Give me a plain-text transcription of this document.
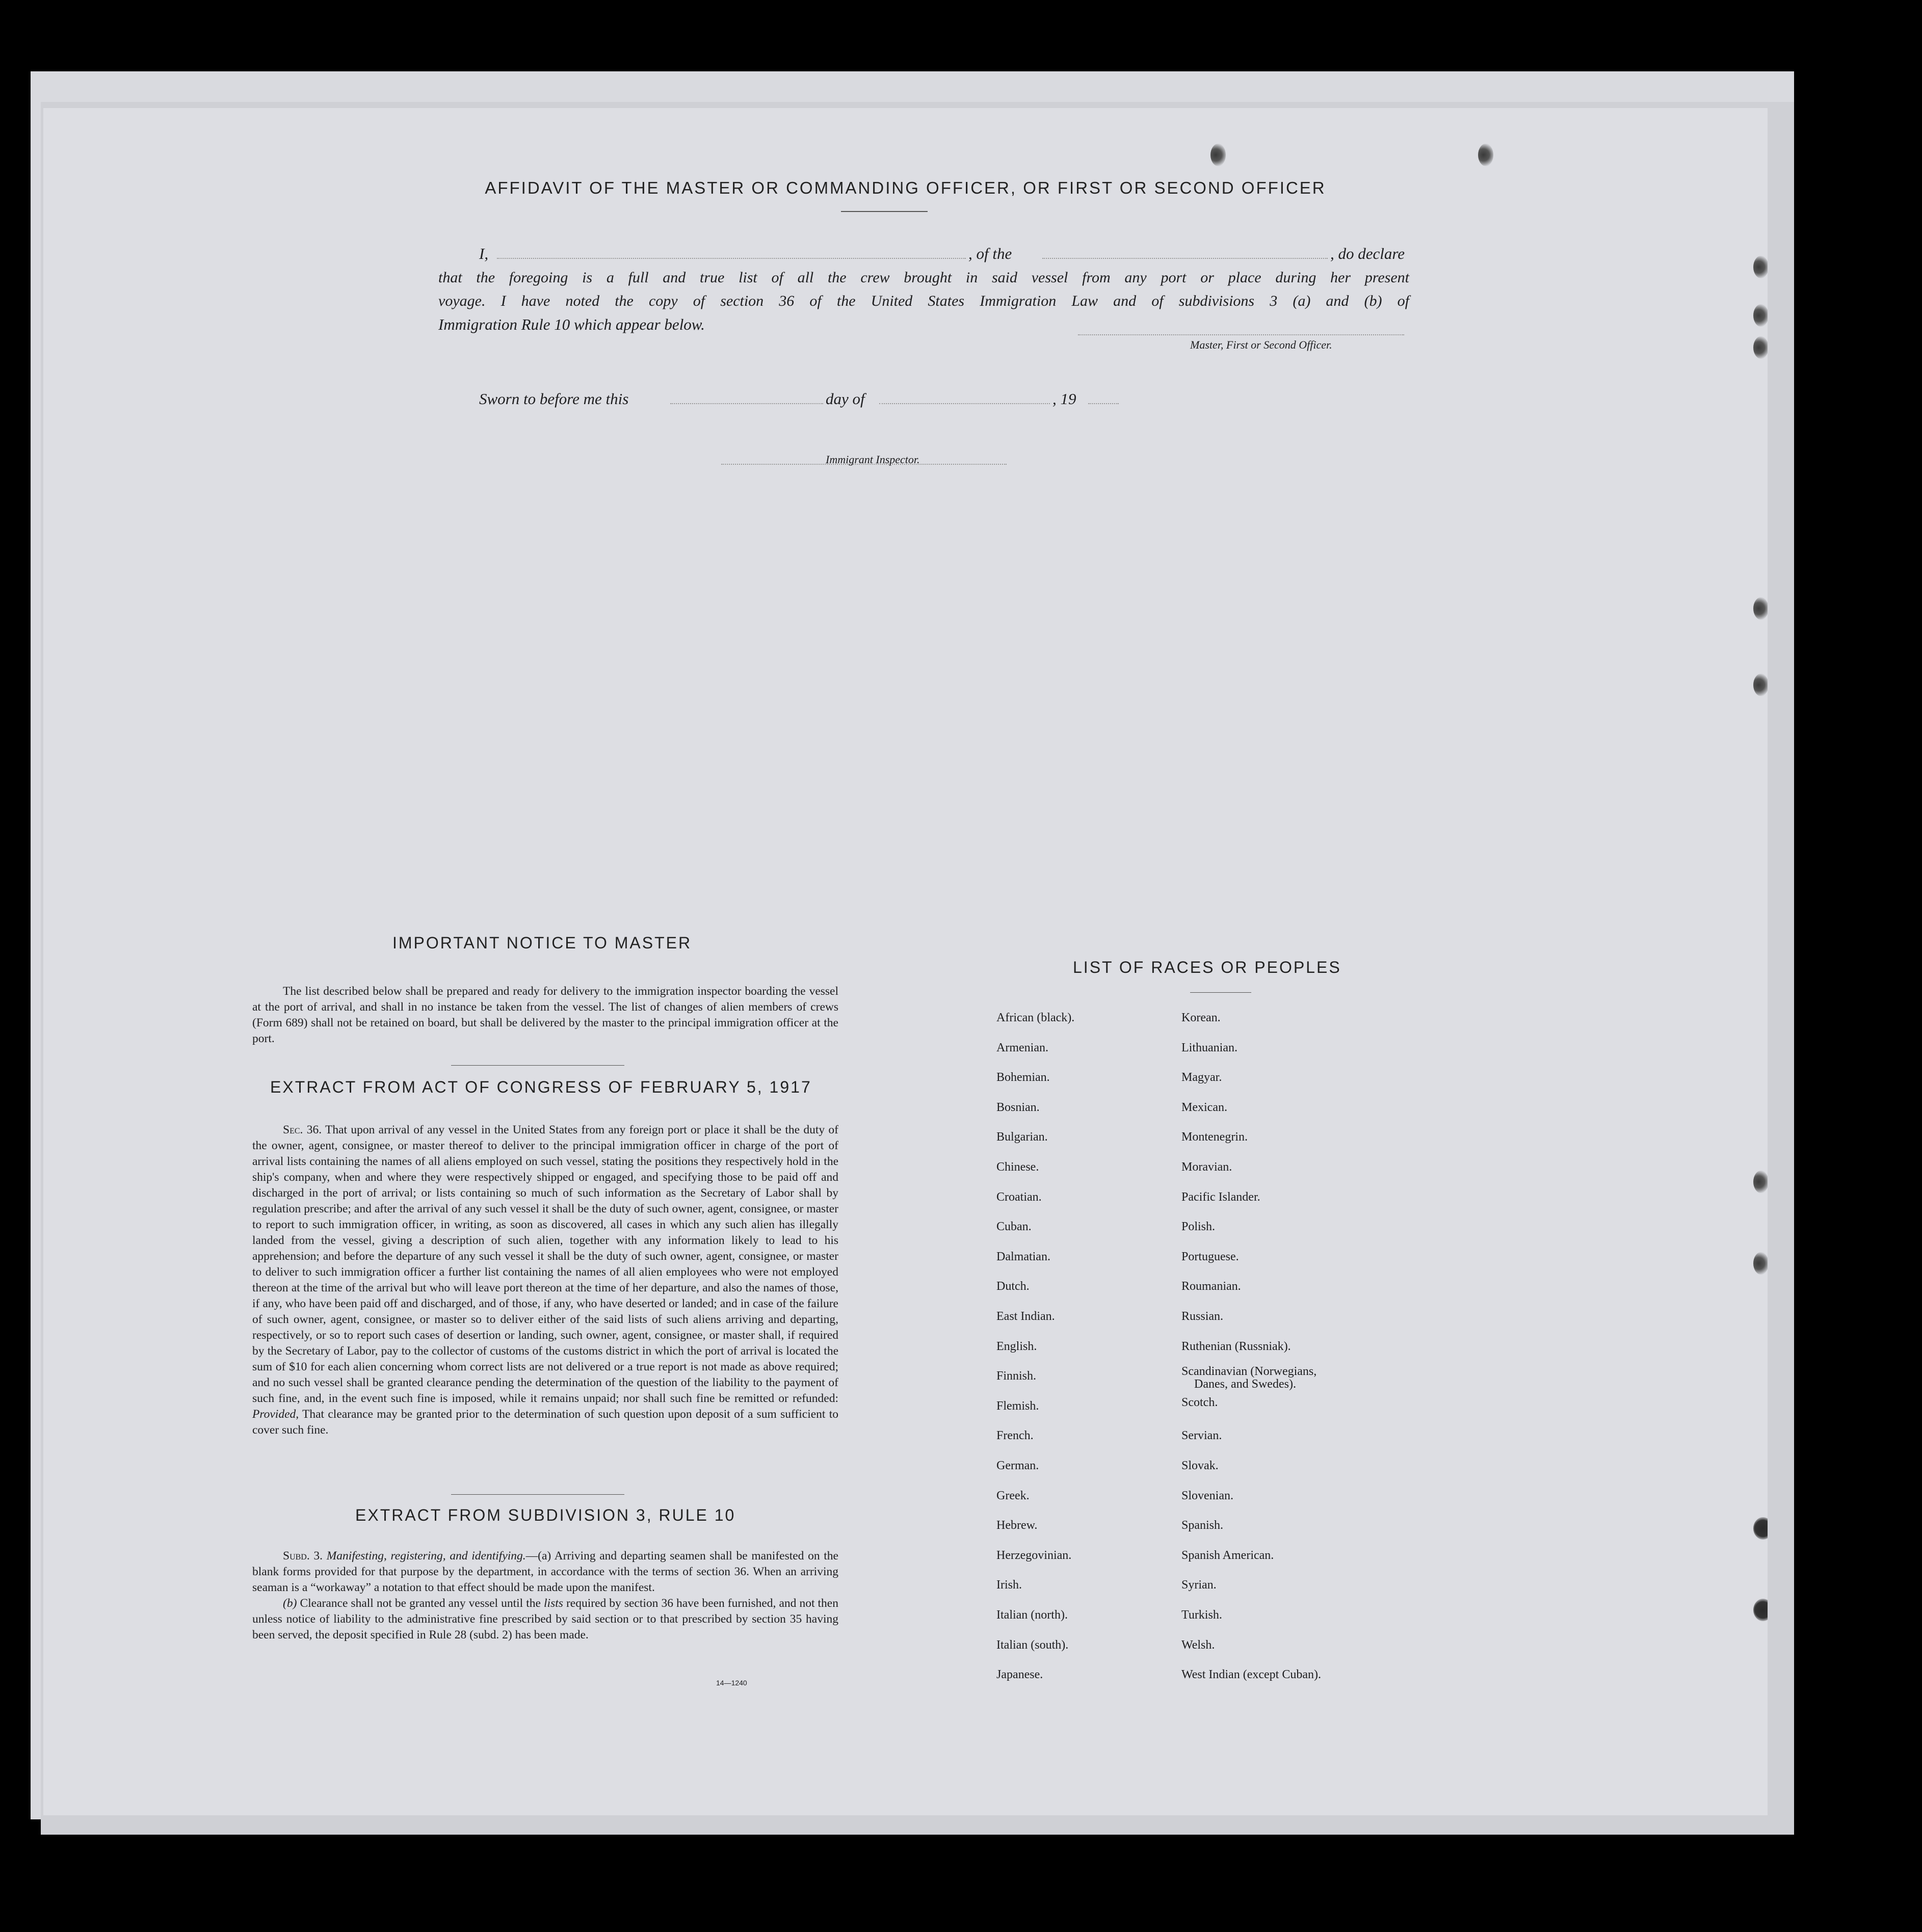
AFFIDAVIT OF THE MASTER OR COMMANDING OFFICER, OR FIRST OR SECOND OFFICER
I,	, of the	, do declare
that the foregoing is a full and true list of all the crew brought in said vessel from any port or place during her present
voyage. I have noted the copy of section 36 of the United States Immigration Law and of subdivisions 3 (a) and (b) of
Immigration Rule 10 which appear below.
Master, First or Second Officer.
Sworn to before me this	day of	, 19
Immigrant Inspector.
IMPORTANT NOTICE TO MASTER
The list described below shall be prepared and ready for delivery to the immigration inspector boarding the vessel at the port of arrival, and shall in no instance be taken from the vessel. The list of changes of alien members of crews (Form 689) shall not be retained on board, but shall be delivered by the master to the principal immigration officer at the port.
EXTRACT FROM ACT OF CONGRESS OF FEBRUARY 5, 1917
Sec. 36. That upon arrival of any vessel in the United States from any foreign port or place it shall be the duty of the owner, agent, consignee, or master thereof to deliver to the principal immigration officer in charge of the port of arrival lists containing the names of all aliens employed on such vessel, stating the positions they respectively hold in the ship's company, when and where they were respectively shipped or engaged, and specifying those to be paid off and discharged in the port of arrival; or lists containing so much of such information as the Secretary of Labor shall by regulation prescribe; and after the arrival of any such vessel it shall be the duty of such owner, agent, consignee, or master to report to such immigration officer, in writing, as soon as discovered, all cases in which any such alien has illegally landed from the vessel, giving a description of such alien, together with any information likely to lead to his apprehension; and before the departure of any such vessel it shall be the duty of such owner, agent, consignee, or master to deliver to such immigration officer a further list containing the names of all alien employees who were not employed thereon at the time of the arrival but who will leave port thereon at the time of her departure, and also the names of those, if any, who have been paid off and discharged, and of those, if any, who have deserted or landed; and in case of the failure of such owner, agent, consignee, or master so to deliver either of the said lists of such aliens arriving and departing, respectively, or so to report such cases of desertion or landing, such owner, agent, consignee, or master shall, if required by the Secretary of Labor, pay to the collector of customs of the customs district in which the port of arrival is located the sum of $10 for each alien concerning whom correct lists are not delivered or a true report is not made as above required; and no such vessel shall be granted clearance pending the determination of the question of the liability to the payment of such fine, and, in the event such fine is imposed, while it remains unpaid; nor shall such fine be remitted or refunded: Provided, That clearance may be granted prior to the determination of such question upon deposit of a sum sufficient to cover such fine.
EXTRACT FROM SUBDIVISION 3, RULE 10
Subd. 3. Manifesting, registering, and identifying.—(a) Arriving and departing seamen shall be manifested on the blank forms provided for that purpose by the department, in accordance with the terms of section 36. When an arriving seaman is a “workaway” a notation to that effect should be made upon the manifest.
(b) Clearance shall not be granted any vessel until the lists required by section 36 have been furnished, and not then unless notice of liability to the administrative fine prescribed by said section or to that prescribed by section 35 having been served, the deposit specified in Rule 28 (subd. 2) has been made.
14—1240
LIST OF RACES OR PEOPLES
African (black).
Armenian.
Bohemian.
Bosnian.
Bulgarian.
Chinese.
Croatian.
Cuban.
Dalmatian.
Dutch.
East Indian.
English.
Finnish.
Flemish.
French.
German.
Greek.
Hebrew.
Herzegovinian.
Irish.
Italian (north).
Italian (south).
Japanese.
Korean.
Lithuanian.
Magyar.
Mexican.
Montenegrin.
Moravian.
Pacific Islander.
Polish.
Portuguese.
Roumanian.
Russian.
Ruthenian (Russniak).
Scandinavian (Norwegians,
Danes, and Swedes).
Scotch.
Servian.
Slovak.
Slovenian.
Spanish.
Spanish American.
Syrian.
Turkish.
Welsh.
West Indian (except Cuban).
